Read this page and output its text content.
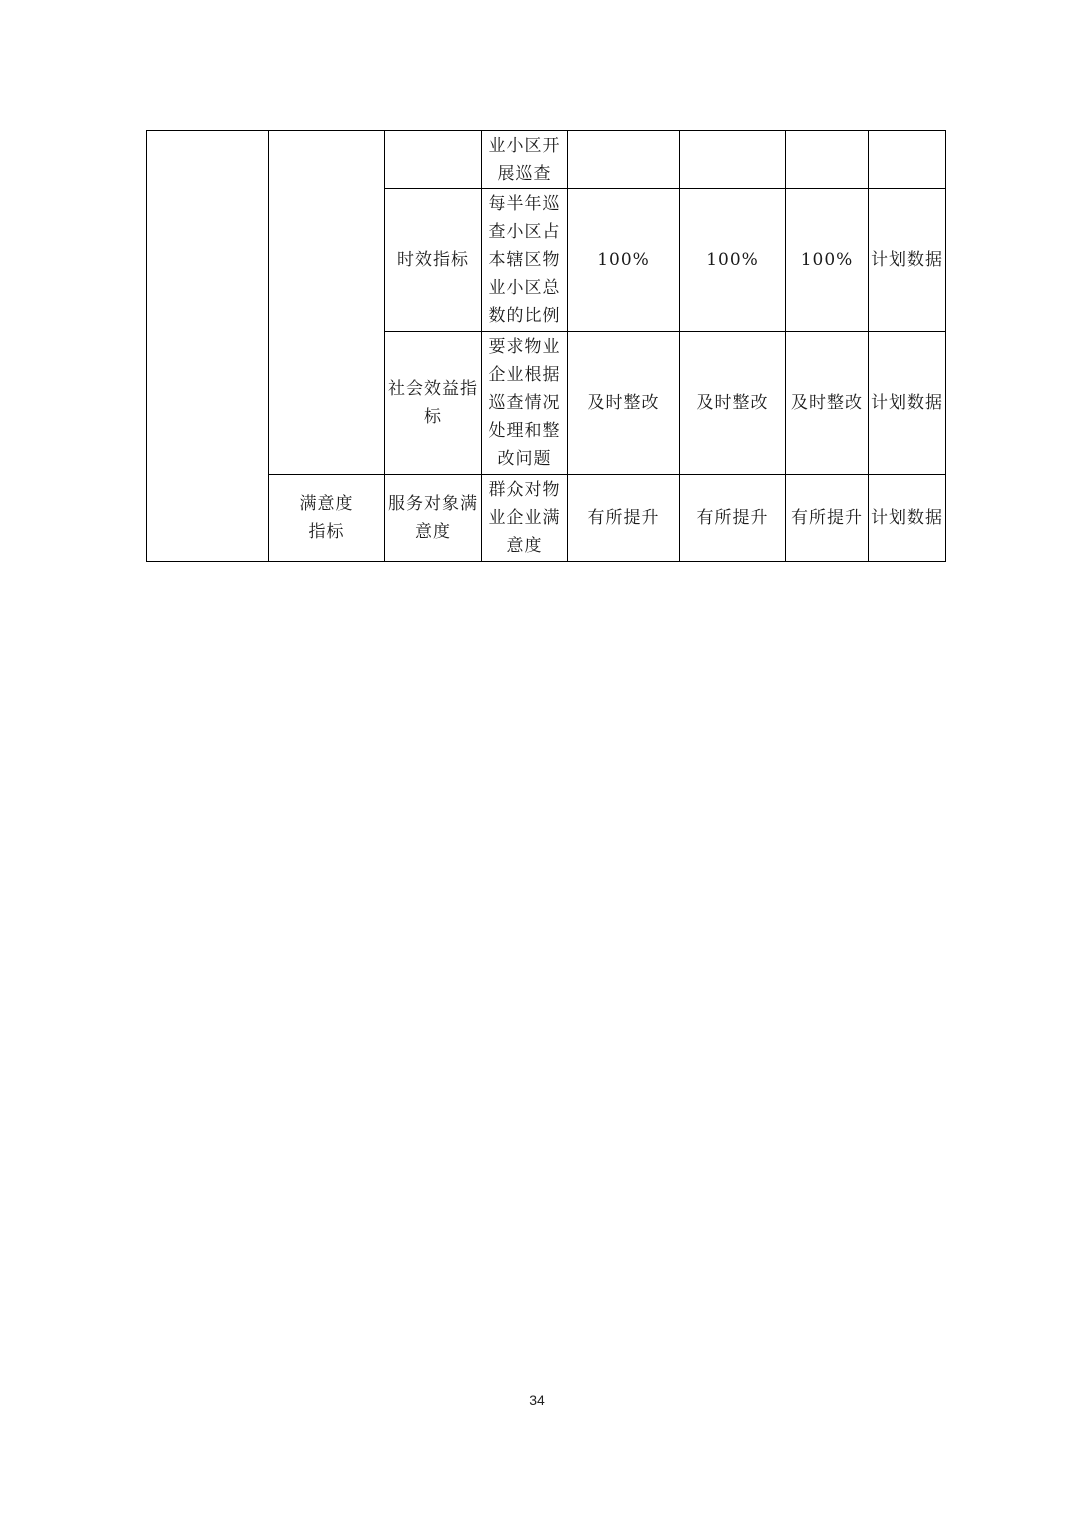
			业小区开展巡查				
		时效指标	每半年巡查小区占本辖区物业小区总数的比例	100%	100%	100%	计划数据
		社会效益指标	要求物业企业根据巡查情况处理和整改问题	及时整改	及时整改	及时整改	计划数据
	满意度指标	服务对象满意度	群众对物业企业满意度	有所提升	有所提升	有所提升	计划数据
34
